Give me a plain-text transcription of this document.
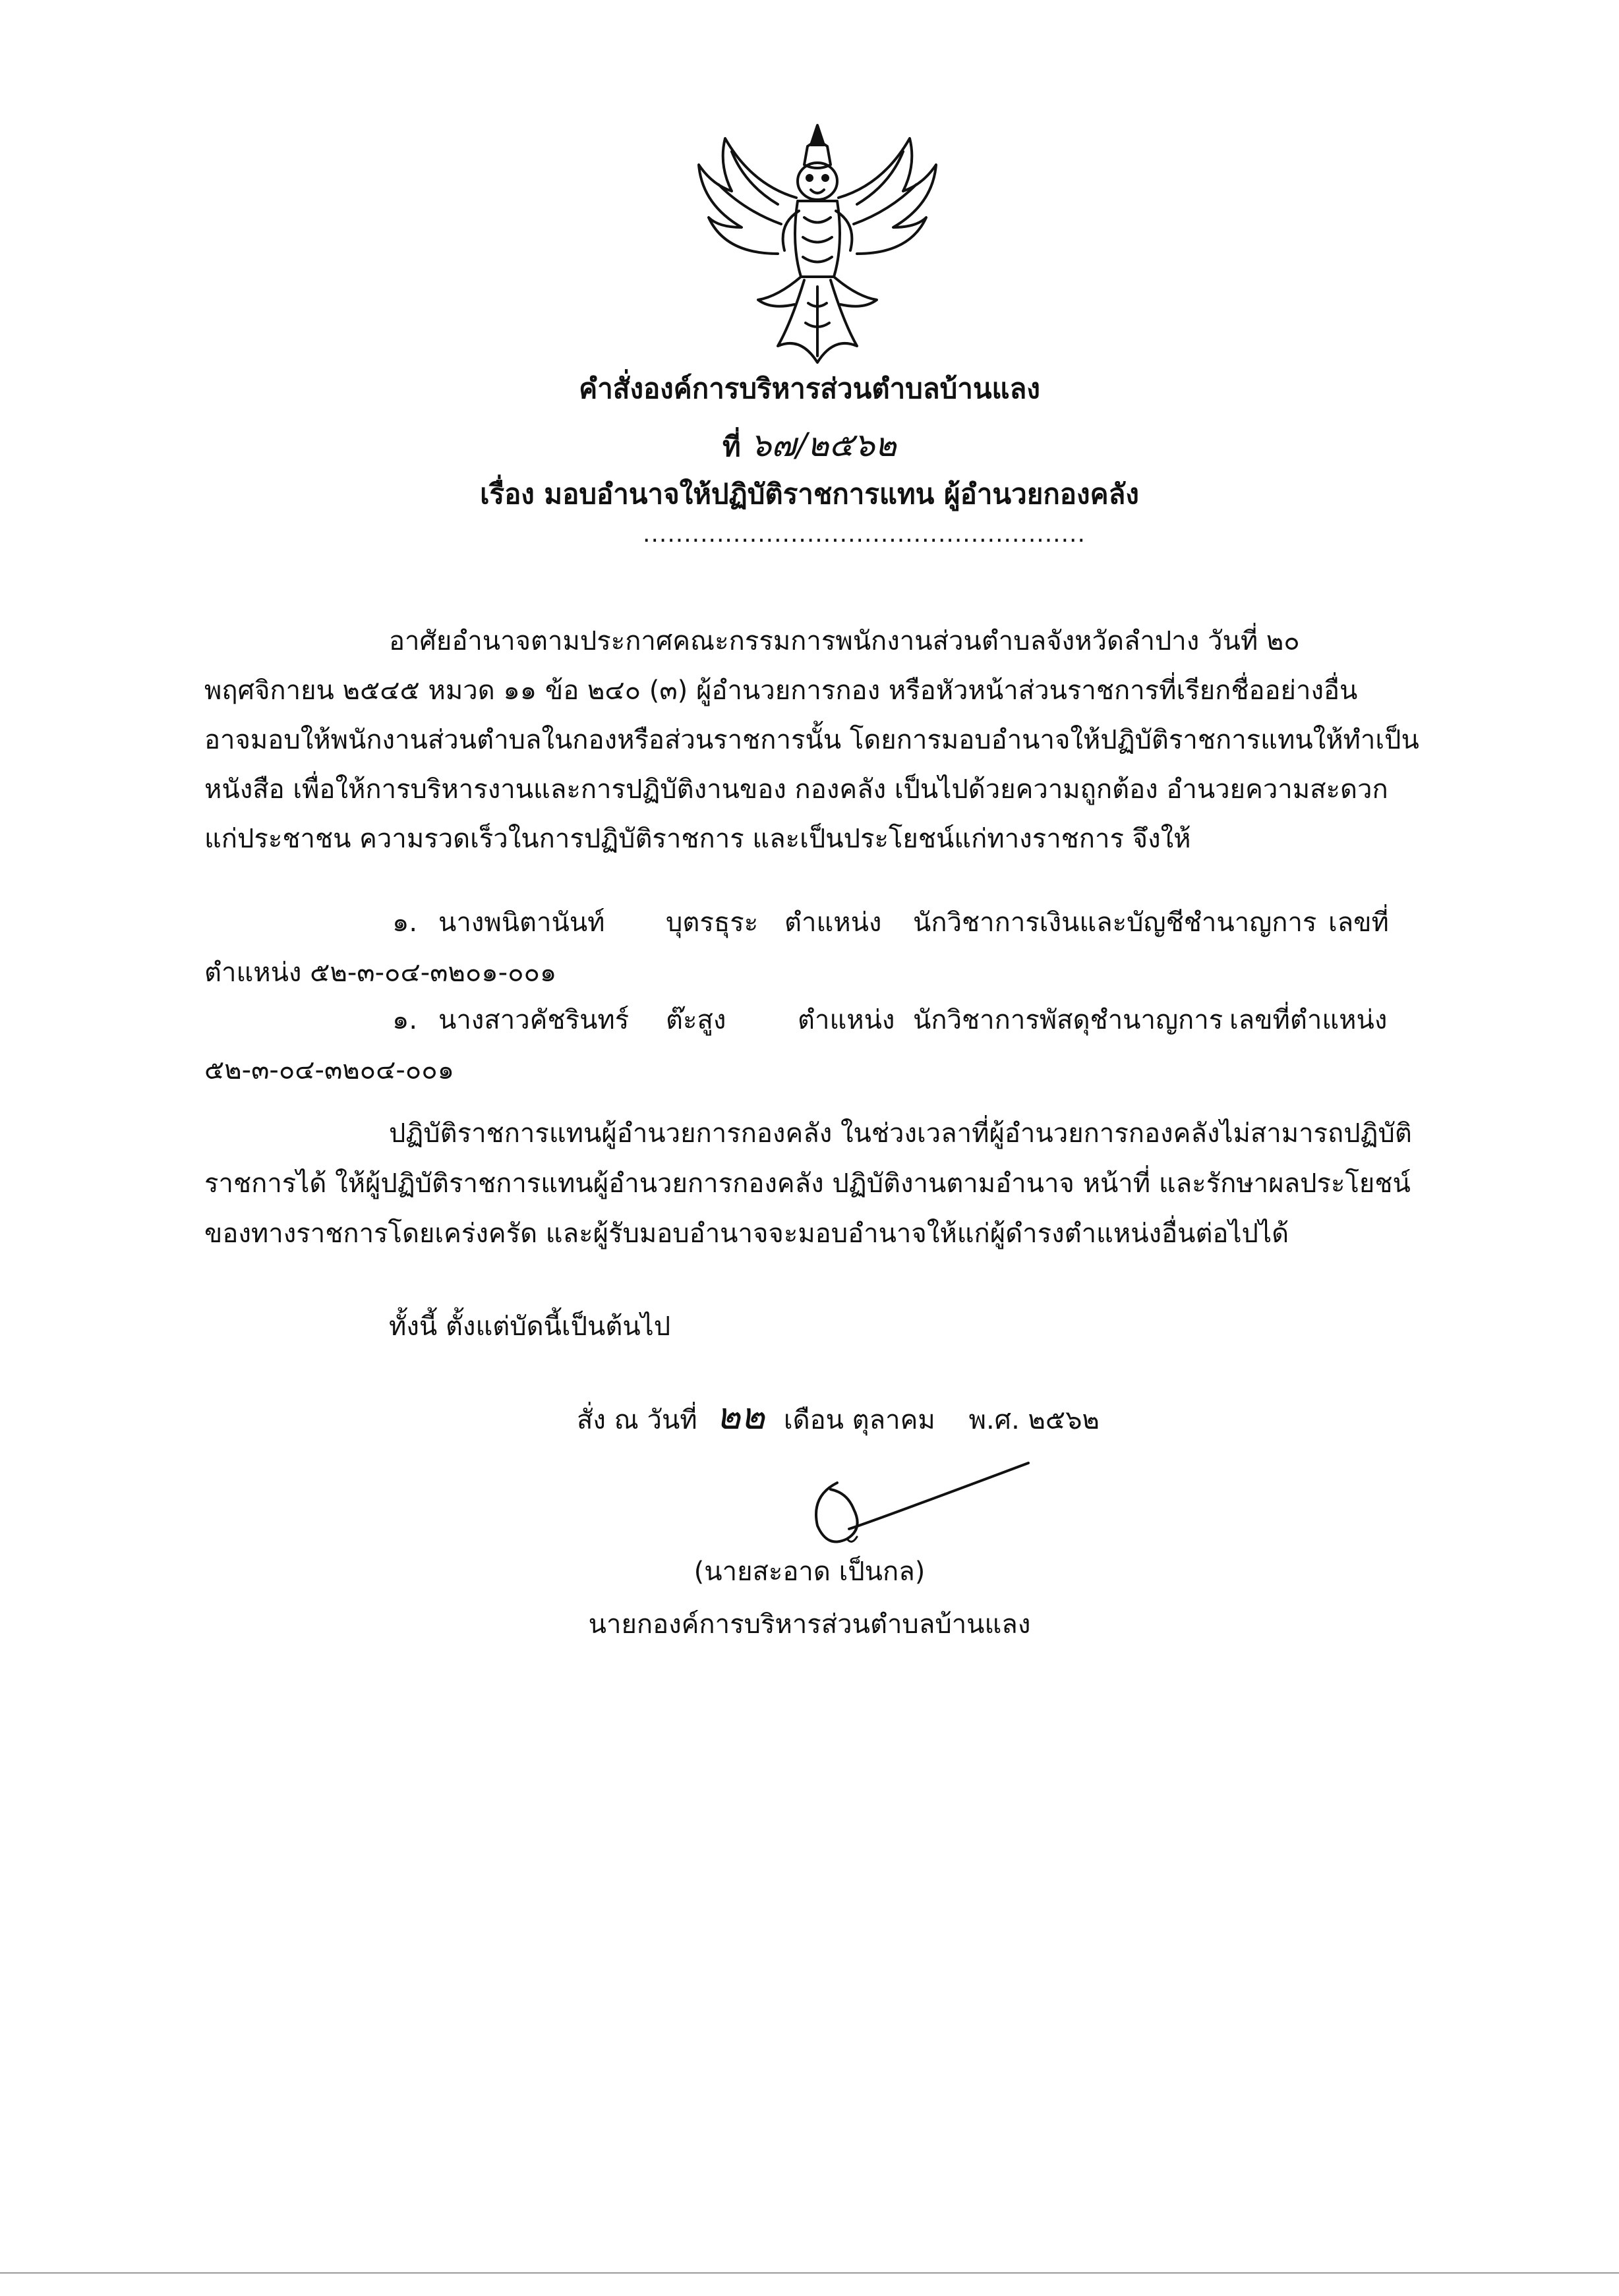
คำสั่งองค์การบริหารส่วนตำบลบ้านแลง
ที่ ๖๗/๒๕๖๒
เรื่อง มอบอำนาจให้ปฏิบัติราชการแทน ผู้อำนวยกองคลัง
......................................................
อาศัยอำนาจตามประกาศคณะกรรมการพนักงานส่วนตำบลจังหวัดลำปาง วันที่ ๒๐
พฤศจิกายน ๒๕๔๕ หมวด ๑๑ ข้อ ๒๔๐ (๓) ผู้อำนวยการกอง หรือหัวหน้าส่วนราชการที่เรียกชื่ออย่างอื่น
อาจมอบให้พนักงานส่วนตำบลในกองหรือส่วนราชการนั้น โดยการมอบอำนาจให้ปฏิบัติราชการแทนให้ทำเป็น
หนังสือ เพื่อให้การบริหารงานและการปฏิบัติงานของ กองคลัง เป็นไปด้วยความถูกต้อง อำนวยความสะดวก
แก่ประชาชน ความรวดเร็วในการปฏิบัติราชการ และเป็นประโยชน์แก่ทางราชการ จึงให้
๑. นางพนิตานันท์ บุตรธุระ ตำแหน่ง นักวิชาการเงินและบัญชีชำนาญการ เลขที่
ตำแหน่ง ๕๒-๓-๐๔-๓๒๐๑-๐๐๑
๑. นางสาวคัชรินทร์ ต๊ะสูง	ตำแหน่ง นักวิชาการพัสดุชำนาญการ เลขที่ตำแหน่ง
๕๒-๓-๐๔-๓๒๐๔-๐๐๑
ปฏิบัติราชการแทนผู้อำนวยการกองคลัง ในช่วงเวลาที่ผู้อำนวยการกองคลังไม่สามารถปฏิบัติ
ราชการได้ ให้ผู้ปฏิบัติราชการแทนผู้อำนวยการกองคลัง ปฏิบัติงานตามอำนาจ หน้าที่ และรักษาผลประโยชน์
ของทางราชการโดยเคร่งครัด และผู้รับมอบอำนาจจะมอบอำนาจให้แก่ผู้ดำรงตำแหน่งอื่นต่อไปได้
ทั้งนี้ ตั้งแต่บัดนี้เป็นต้นไป
สั่ง ณ วันที่ ๒๒ เดือน ตุลาคม พ.ศ. ๒๕๖๒
(นายสะอาด เป็นกล)
นายกองค์การบริหารส่วนตำบลบ้านแลง
